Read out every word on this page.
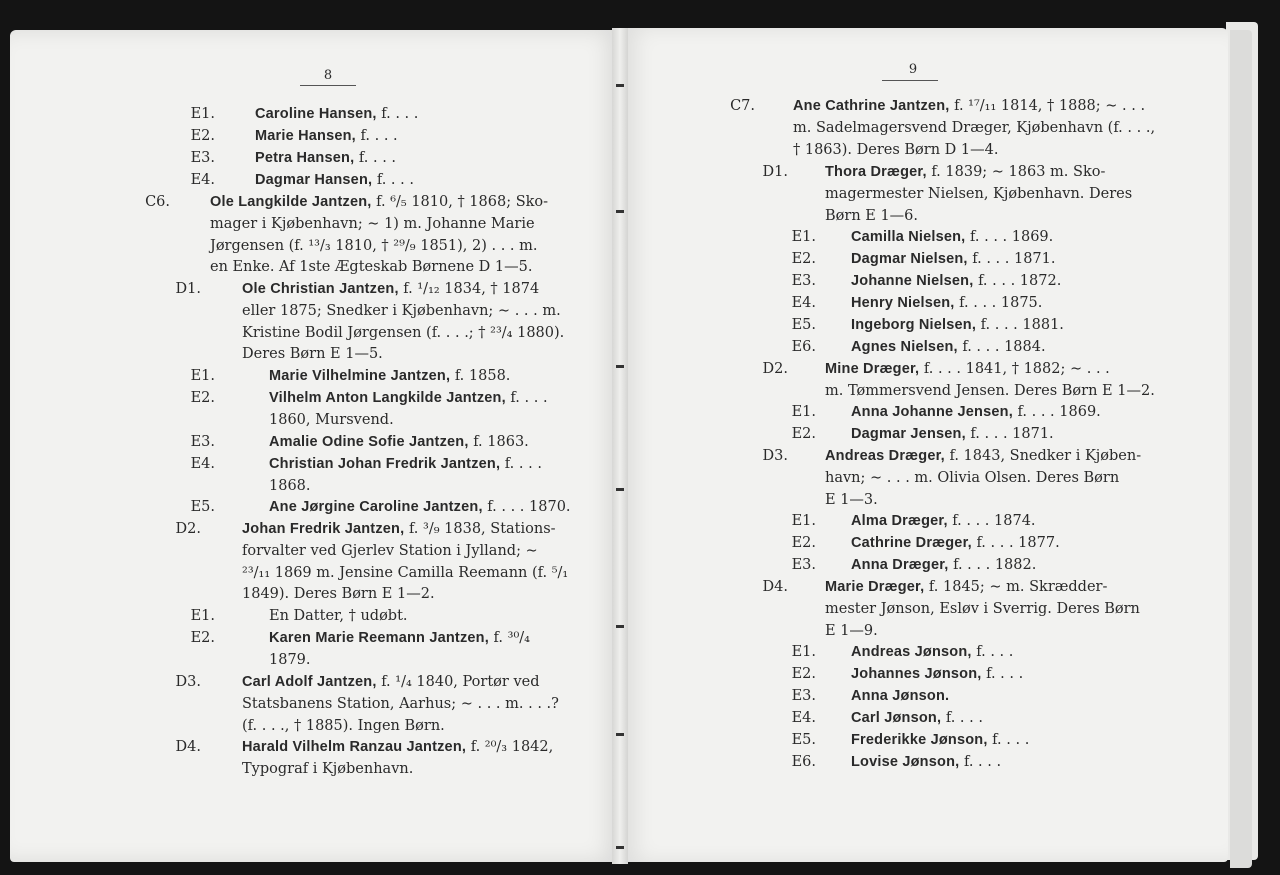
8
E1.	Caroline Hansen, f. . . .
E2.	Marie Hansen, f. . . .
E3.	Petra Hansen, f. . . .
E4.	Dagmar Hansen, f. . . .
C6.	Ole Langkilde Jantzen, f. ⁶/₅ 1810, † 1868; Sko-
mager i Kjøbenhavn; ∼ 1) m. Johanne Marie
Jørgensen (f. ¹³/₃ 1810, † ²⁹/₉ 1851), 2) . . . m.
en Enke. Af 1ste Ægteskab Børnene D 1—5.
D1.	Ole Christian Jantzen, f. ¹/₁₂ 1834, † 1874
eller 1875; Snedker i Kjøbenhavn; ∼ . . . m.
Kristine Bodil Jørgensen (f. . . .; † ²³/₄ 1880).
Deres Børn E 1—5.
E1.	Marie Vilhelmine Jantzen, f. 1858.
E2.	Vilhelm Anton Langkilde Jantzen, f. . . .
1860, Mursvend.
E3.	Amalie Odine Sofie Jantzen, f. 1863.
E4.	Christian Johan Fredrik Jantzen, f. . . .
1868.
E5.	Ane Jørgine Caroline Jantzen, f. . . . 1870.
D2.	Johan Fredrik Jantzen, f. ³/₉ 1838, Stations-
forvalter ved Gjerlev Station i Jylland; ∼
²³/₁₁ 1869 m. Jensine Camilla Reemann (f. ⁵/₁
1849). Deres Børn E 1—2.
E1.	En Datter, † udøbt.
E2.	Karen Marie Reemann Jantzen, f. ³⁰/₄
1879.
D3.	Carl Adolf Jantzen, f. ¹/₄ 1840, Portør ved
Statsbanens Station, Aarhus; ∼ . . . m. . . .?
(f. . . ., † 1885). Ingen Børn.
D4.	Harald Vilhelm Ranzau Jantzen, f. ²⁰/₃ 1842,
Typograf i Kjøbenhavn.
9
C7.	Ane Cathrine Jantzen, f. ¹⁷/₁₁ 1814, † 1888; ∼ . . .
m. Sadelmagersvend Dræger, Kjøbenhavn (f. . . .,
† 1863). Deres Børn D 1—4.
D1.	Thora Dræger, f. 1839; ∼ 1863 m. Sko-
magermester Nielsen, Kjøbenhavn. Deres
Børn E 1—6.
E1. Camilla Nielsen, f. . . . 1869.
E2. Dagmar Nielsen, f. . . . 1871.
E3. Johanne Nielsen, f. . . . 1872.
E4. Henry Nielsen, f. . . . 1875.
E5. Ingeborg Nielsen, f. . . . 1881.
E6. Agnes Nielsen, f. . . . 1884.
D2.	Mine Dræger, f. . . . 1841, † 1882; ∼ . . .
m. Tømmersvend Jensen. Deres Børn E 1—2.
E1. Anna Johanne Jensen, f. . . . 1869.
E2. Dagmar Jensen, f. . . . 1871.
D3.	Andreas Dræger, f. 1843, Snedker i Kjøben-
havn; ∼ . . . m. Olivia Olsen. Deres Børn
E 1—3.
E1. Alma Dræger, f. . . . 1874.
E2. Cathrine Dræger, f. . . . 1877.
E3. Anna Dræger, f. . . . 1882.
D4.	Marie Dræger, f. 1845; ∼ m. Skrædder-
mester Jønson, Esløv i Sverrig. Deres Børn
E 1—9.
E1. Andreas Jønson, f. . . .
E2. Johannes Jønson, f. . . .
E3. Anna Jønson.
E4. Carl Jønson, f. . . .
E5. Frederikke Jønson, f. . . .
E6. Lovise Jønson, f. . . .
